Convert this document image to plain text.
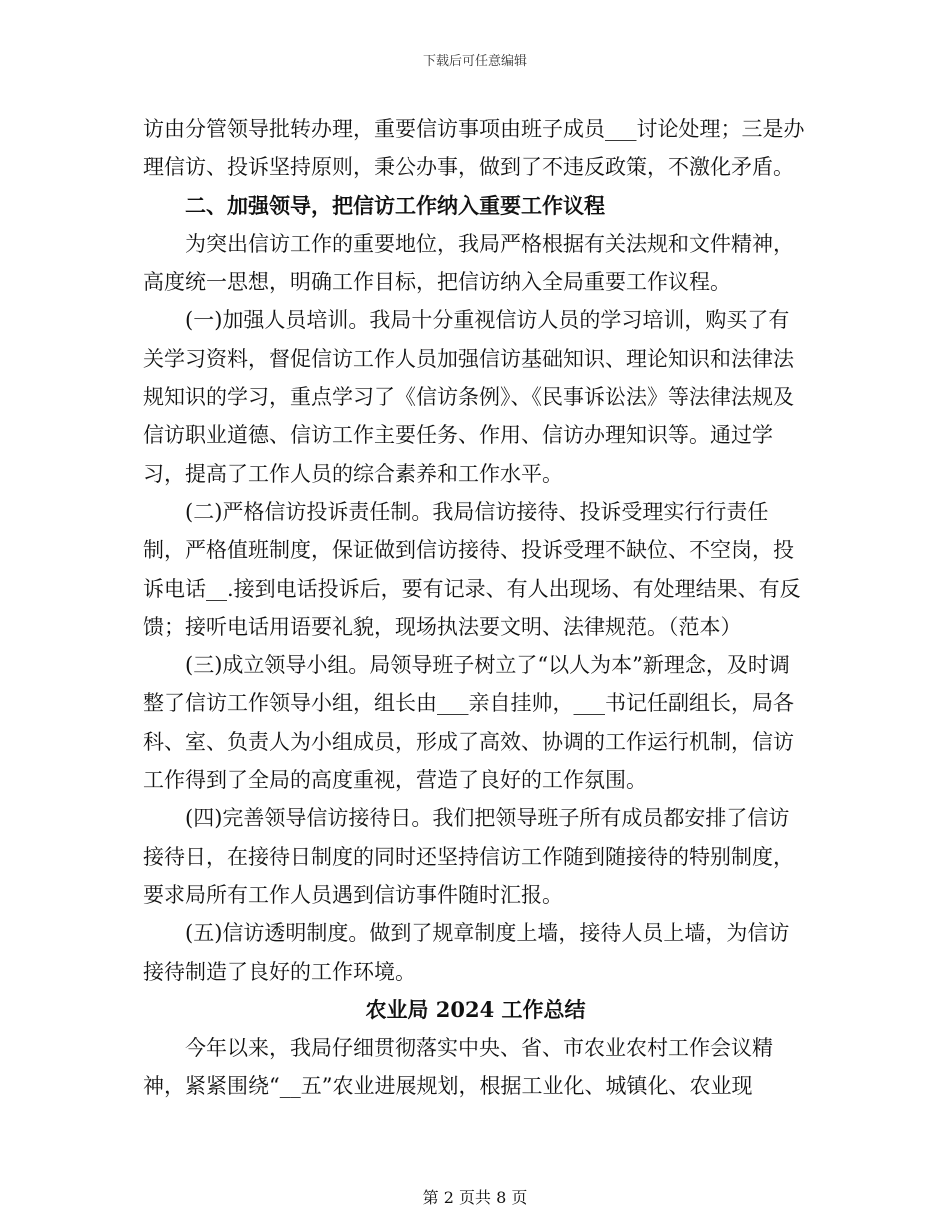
下载后可任意编辑

访由分管领导批转办理，重要信访事项由班子成员___讨论处理；三是办理信访、投诉坚持原则，秉公办事，做到了不违反政策，不激化矛盾。

二、加强领导，把信访工作纳入重要工作议程

为突出信访工作的重要地位，我局严格根据有关法规和文件精神，高度统一思想，明确工作目标，把信访纳入全局重要工作议程。

(一)加强人员培训。我局十分重视信访人员的学习培训，购买了有关学习资料，督促信访工作人员加强信访基础知识、理论知识和法律法规知识的学习，重点学习了《信访条例》、《民事诉讼法》等法律法规及信访职业道德、信访工作主要任务、作用、信访办理知识等。通过学习，提高了工作人员的综合素养和工作水平。

(二)严格信访投诉责任制。我局信访接待、投诉受理实行行责任制，严格值班制度，保证做到信访接待、投诉受理不缺位、不空岗，投诉电话__.接到电话投诉后，要有记录、有人出现场、有处理结果、有反馈；接听电话用语要礼貌，现场执法要文明、法律规范。（范本）

(三)成立领导小组。局领导班子树立了“以人为本”新理念，及时调整了信访工作领导小组，组长由___亲自挂帅，___书记任副组长，局各科、室、负责人为小组成员，形成了高效、协调的工作运行机制，信访工作得到了全局的高度重视，营造了良好的工作氛围。

(四)完善领导信访接待日。我们把领导班子所有成员都安排了信访接待日，在接待日制度的同时还坚持信访工作随到随接待的特别制度，要求局所有工作人员遇到信访事件随时汇报。

(五)信访透明制度。做到了规章制度上墙，接待人员上墙，为信访接待制造了良好的工作环境。

农业局 2024 工作总结

今年以来，我局仔细贯彻落实中央、省、市农业农村工作会议精神，紧紧围绕“__五”农业进展规划，根据工业化、城镇化、农业现

第 2 页共 8 页
